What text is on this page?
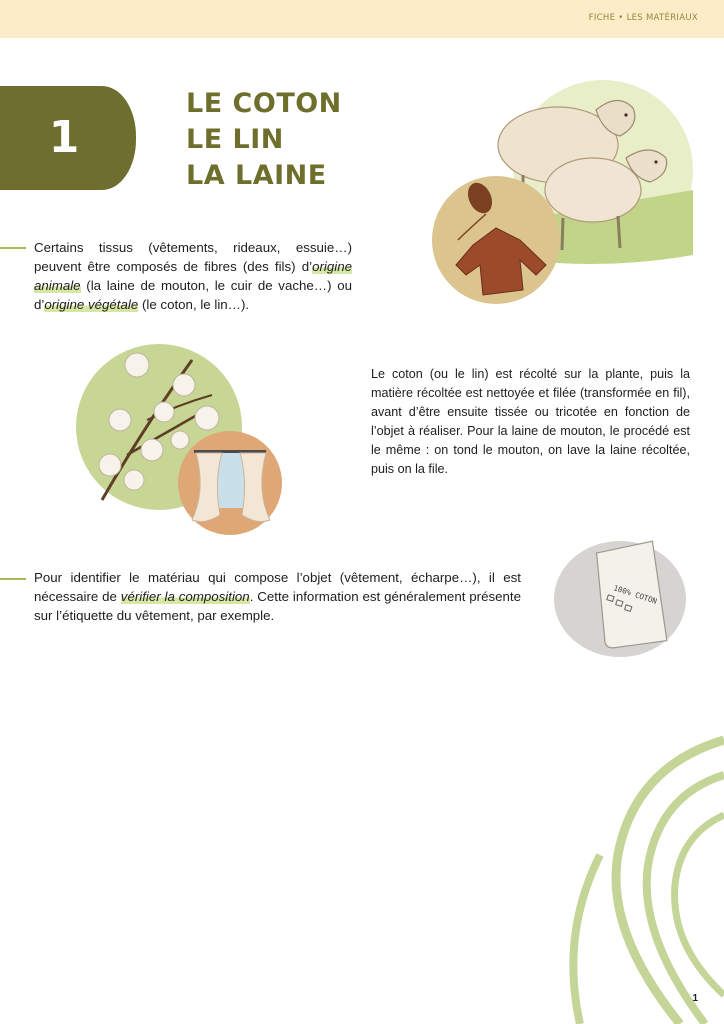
FICHE • LES MATÉRIAUX
1
LE COTON
LE LIN
LA LAINE

Certains tissus (vêtements, rideaux, essuie…) peuvent être composés de fibres (des fils) d’origine animale (la laine de mouton, le cuir de vache…) ou d’origine végétale (le coton, le lin…).

Le coton (ou le lin) est récolté sur la plante, puis la matière récoltée est nettoyée et filée (transformée en fil), avant d’être ensuite tissée ou tricotée en fonction de l’objet à réaliser. Pour la laine de mouton, le procédé est le même : on tond le mouton, on lave la laine récoltée, puis on la file.

Pour identifier le matériau qui compose l’objet (vêtement, écharpe…), il est nécessaire de vérifier la composition. Cette information est généralement présente sur l’étiquette du vêtement, par exemple.

100% COTON
1
